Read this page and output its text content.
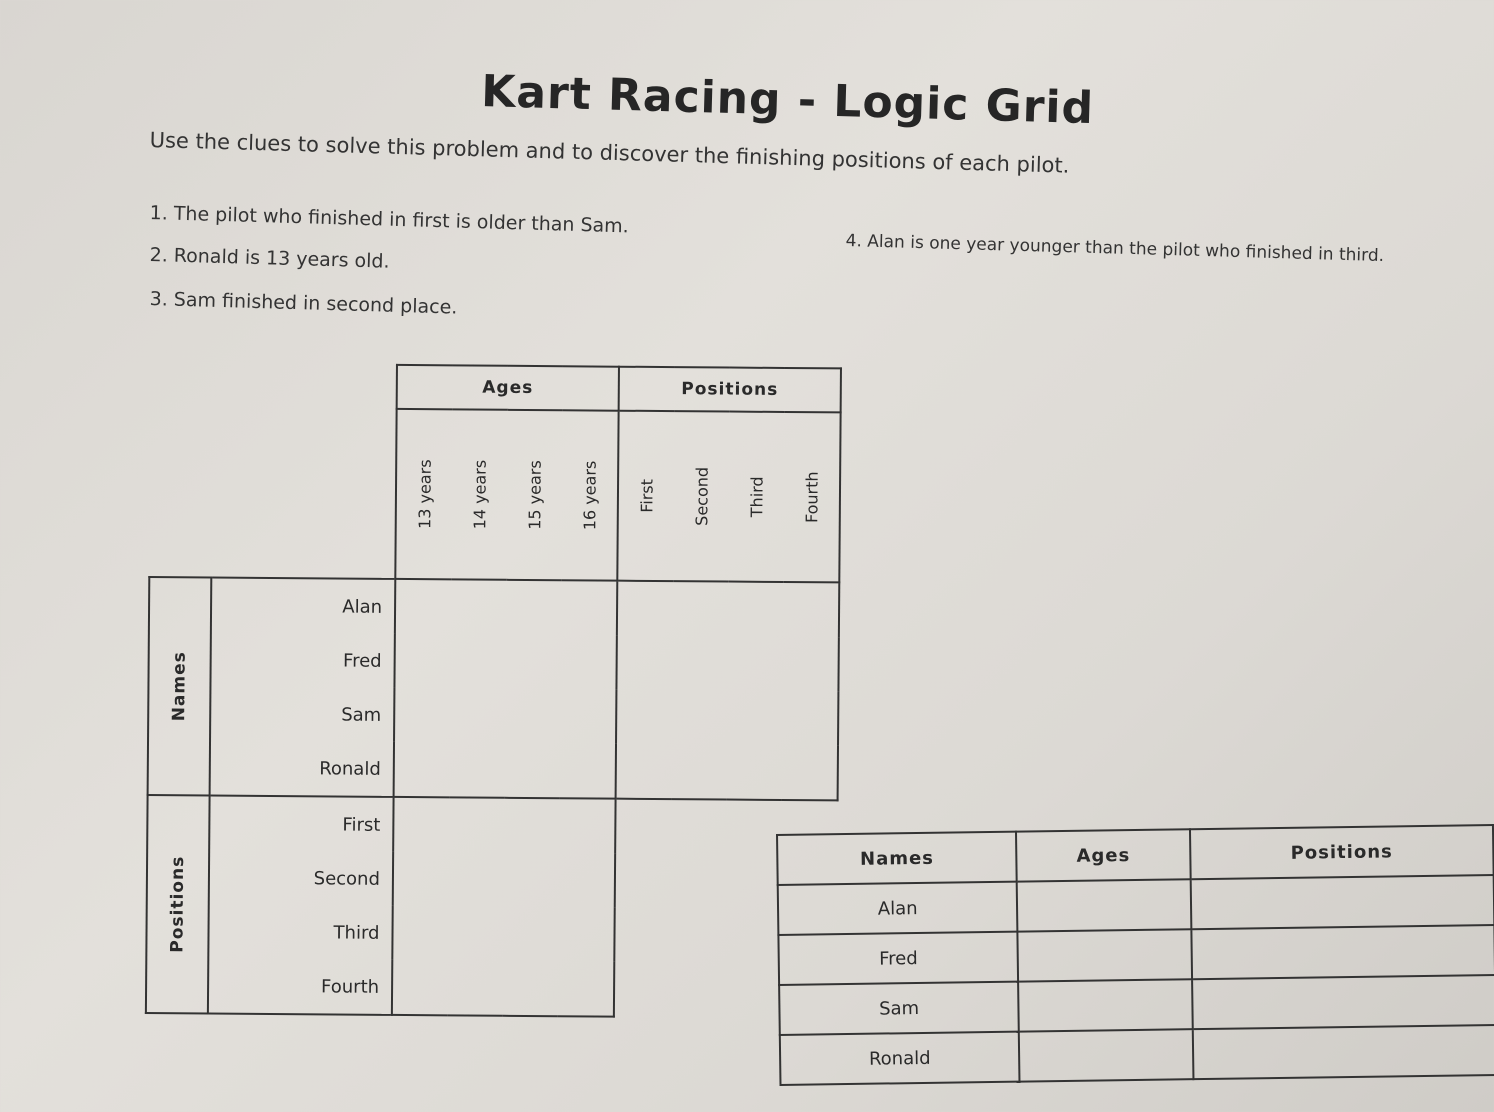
Kart Racing - Logic Grid
Use the clues to solve this problem and to discover the finishing positions of each pilot.
1. The pilot who finished in first is older than Sam.
2. Ronald is 13 years old.
3. Sam finished in second place.
4. Alan is one year younger than the pilot who finished in third.
		Ages				Positions			

		13 years	14 years	15 years	16 years	First	Second	Third	Fourth

Names	Alan								
	Fred								
	Sam								
	Ronald								

Positions	First								
	Second								
	Third								
	Fourth								
Names	Ages	Positions
Alan		
Fred		
Sam		
Ronald		
